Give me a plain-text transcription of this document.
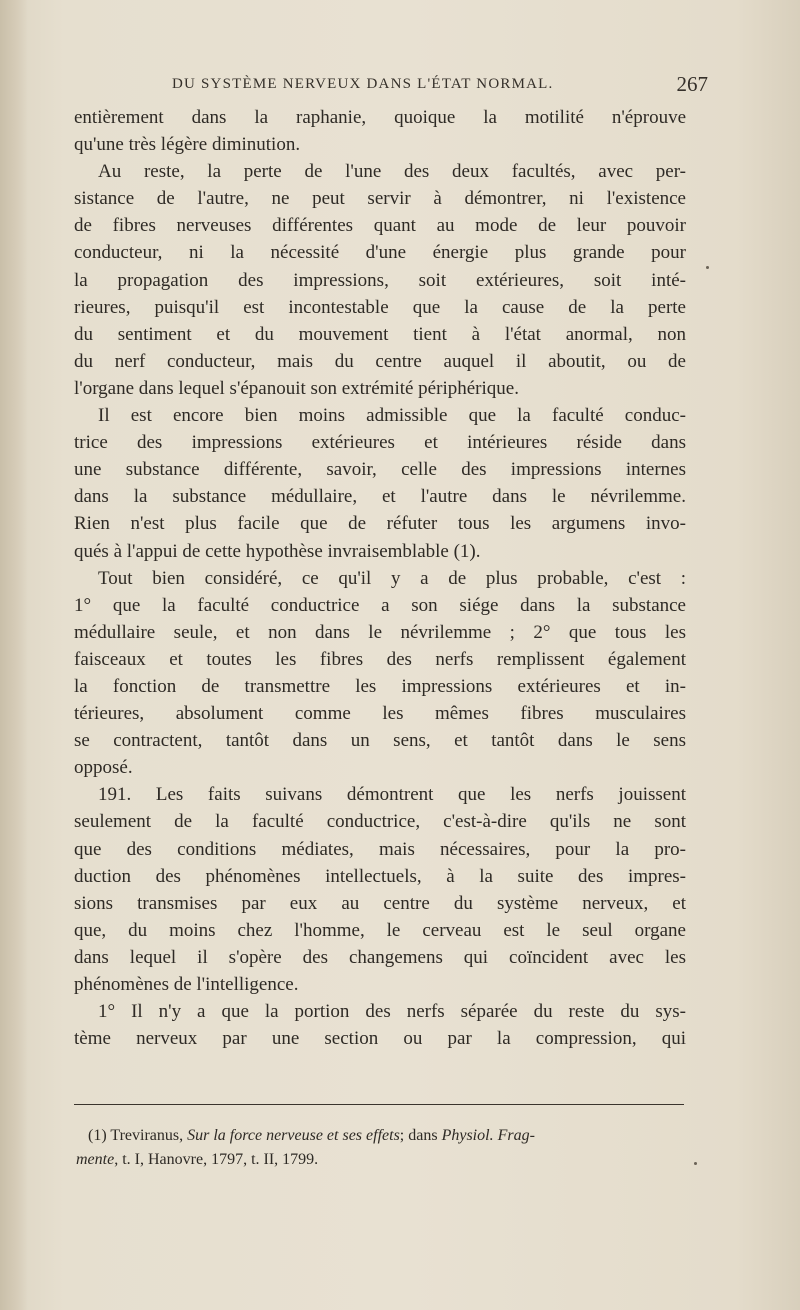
DU SYSTÈME NERVEUX DANS L'ÉTAT NORMAL.	267
entièrement dans la raphanie, quoique la motilité n'éprouve
qu'une très légère diminution.
Au reste, la perte de l'une des deux facultés, avec per-
sistance de l'autre, ne peut servir à démontrer, ni l'existence
de fibres nerveuses différentes quant au mode de leur pouvoir
conducteur, ni la nécessité d'une énergie plus grande pour
la propagation des impressions, soit extérieures, soit inté-
rieures, puisqu'il est incontestable que la cause de la perte
du sentiment et du mouvement tient à l'état anormal, non
du nerf conducteur, mais du centre auquel il aboutit, ou de
l'organe dans lequel s'épanouit son extrémité périphérique.
Il est encore bien moins admissible que la faculté conduc-
trice des impressions extérieures et intérieures réside dans
une substance différente, savoir, celle des impressions internes
dans la substance médullaire, et l'autre dans le névrilemme.
Rien n'est plus facile que de réfuter tous les argumens invo-
qués à l'appui de cette hypothèse invraisemblable (1).
Tout bien considéré, ce qu'il y a de plus probable, c'est :
1° que la faculté conductrice a son siége dans la substance
médullaire seule, et non dans le névrilemme ; 2° que tous les
faisceaux et toutes les fibres des nerfs remplissent également
la fonction de transmettre les impressions extérieures et in-
térieures, absolument comme les mêmes fibres musculaires
se contractent, tantôt dans un sens, et tantôt dans le sens
opposé.
191. Les faits suivans démontrent que les nerfs jouissent
seulement de la faculté conductrice, c'est-à-dire qu'ils ne sont
que des conditions médiates, mais nécessaires, pour la pro-
duction des phénomènes intellectuels, à la suite des impres-
sions transmises par eux au centre du système nerveux, et
que, du moins chez l'homme, le cerveau est le seul organe
dans lequel il s'opère des changemens qui coïncident avec les
phénomènes de l'intelligence.
1° Il n'y a que la portion des nerfs séparée du reste du sys-
tème nerveux par une section ou par la compression, qui
(1) Treviranus, Sur la force nerveuse et ses effets; dans Physiol. Frag-
mente, t. I, Hanovre, 1797, t. II, 1799.
